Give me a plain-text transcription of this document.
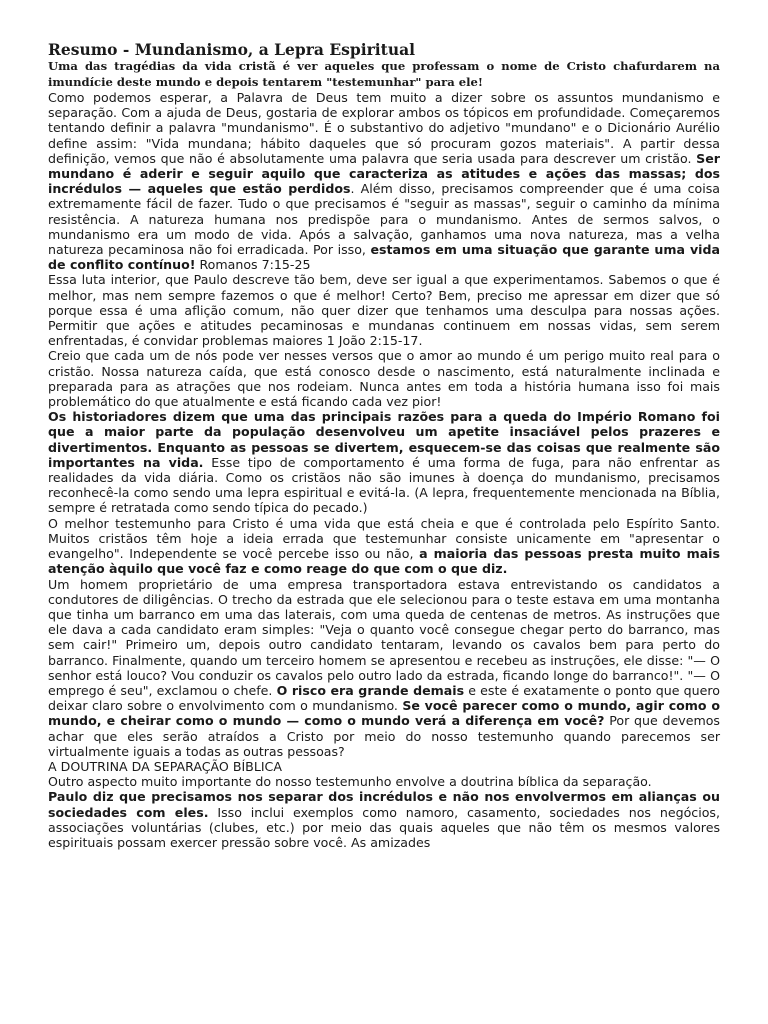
Resumo - Mundanismo, a Lepra Espiritual

Uma das tragédias da vida cristã é ver aqueles que professam o nome de Cristo chafurdarem na imundície deste mundo e depois tentarem "testemunhar" para ele!

Como podemos esperar, a Palavra de Deus tem muito a dizer sobre os assuntos mundanismo e separação. Com a ajuda de Deus, gostaria de explorar ambos os tópicos em profundidade. Começaremos tentando definir a palavra "mundanismo". É o substantivo do adjetivo "mundano" e o Dicionário Aurélio define assim: "Vida mundana; hábito daqueles que só procuram gozos materiais". A partir dessa definição, vemos que não é absolutamente uma palavra que seria usada para descrever um cristão. Ser mundano é aderir e seguir aquilo que caracteriza as atitudes e ações das massas; dos incrédulos — aqueles que estão perdidos. Além disso, precisamos compreender que é uma coisa extremamente fácil de fazer. Tudo o que precisamos é "seguir as massas", seguir o caminho da mínima resistência. A natureza humana nos predispõe para o mundanismo. Antes de sermos salvos, o mundanismo era um modo de vida. Após a salvação, ganhamos uma nova natureza, mas a velha natureza pecaminosa não foi erradicada. Por isso, estamos em uma situação que garante uma vida de conflito contínuo! Romanos 7:15-25

Essa luta interior, que Paulo descreve tão bem, deve ser igual a que experimentamos. Sabemos o que é melhor, mas nem sempre fazemos o que é melhor! Certo? Bem, preciso me apressar em dizer que só porque essa é uma aflição comum, não quer dizer que tenhamos uma desculpa para nossas ações. Permitir que ações e atitudes pecaminosas e mundanas continuem em nossas vidas, sem serem enfrentadas, é convidar problemas maiores 1 João 2:15-17.

Creio que cada um de nós pode ver nesses versos que o amor ao mundo é um perigo muito real para o cristão. Nossa natureza caída, que está conosco desde o nascimento, está naturalmente inclinada e preparada para as atrações que nos rodeiam. Nunca antes em toda a história humana isso foi mais problemático do que atualmente e está ficando cada vez pior!

Os historiadores dizem que uma das principais razões para a queda do Império Romano foi que a maior parte da população desenvolveu um apetite insaciável pelos prazeres e divertimentos. Enquanto as pessoas se divertem, esquecem-se das coisas que realmente são importantes na vida. Esse tipo de comportamento é uma forma de fuga, para não enfrentar as realidades da vida diária. Como os cristãos não são imunes à doença do mundanismo, precisamos reconhecê-la como sendo uma lepra espiritual e evitá-la. (A lepra, frequentemente mencionada na Bíblia, sempre é retratada como sendo típica do pecado.)

O melhor testemunho para Cristo é uma vida que está cheia e que é controlada pelo Espírito Santo. Muitos cristãos têm hoje a ideia errada que testemunhar consiste unicamente em "apresentar o evangelho". Independente se você percebe isso ou não, a maioria das pessoas presta muito mais atenção àquilo que você faz e como reage do que com o que diz.

Um homem proprietário de uma empresa transportadora estava entrevistando os candidatos a condutores de diligências. O trecho da estrada que ele selecionou para o teste estava em uma montanha que tinha um barranco em uma das laterais, com uma queda de centenas de metros. As instruções que ele dava a cada candidato eram simples: "Veja o quanto você consegue chegar perto do barranco, mas sem cair!" Primeiro um, depois outro candidato tentaram, levando os cavalos bem para perto do barranco. Finalmente, quando um terceiro homem se apresentou e recebeu as instruções, ele disse: "— O senhor está louco? Vou conduzir os cavalos pelo outro lado da estrada, ficando longe do barranco!". "— O emprego é seu", exclamou o chefe. O risco era grande demais e este é exatamente o ponto que quero deixar claro sobre o envolvimento com o mundanismo. Se você parecer como o mundo, agir como o mundo, e cheirar como o mundo — como o mundo verá a diferença em você? Por que devemos achar que eles serão atraídos a Cristo por meio do nosso testemunho quando parecemos ser virtualmente iguais a todas as outras pessoas?

A DOUTRINA DA SEPARAÇÃO BÍBLICA

Outro aspecto muito importante do nosso testemunho envolve a doutrina bíblica da separação.

Paulo diz que precisamos nos separar dos incrédulos e não nos envolvermos em alianças ou sociedades com eles. Isso inclui exemplos como namoro, casamento, sociedades nos negócios, associações voluntárias (clubes, etc.) por meio das quais aqueles que não têm os mesmos valores espirituais possam exercer pressão sobre você. As amizades
